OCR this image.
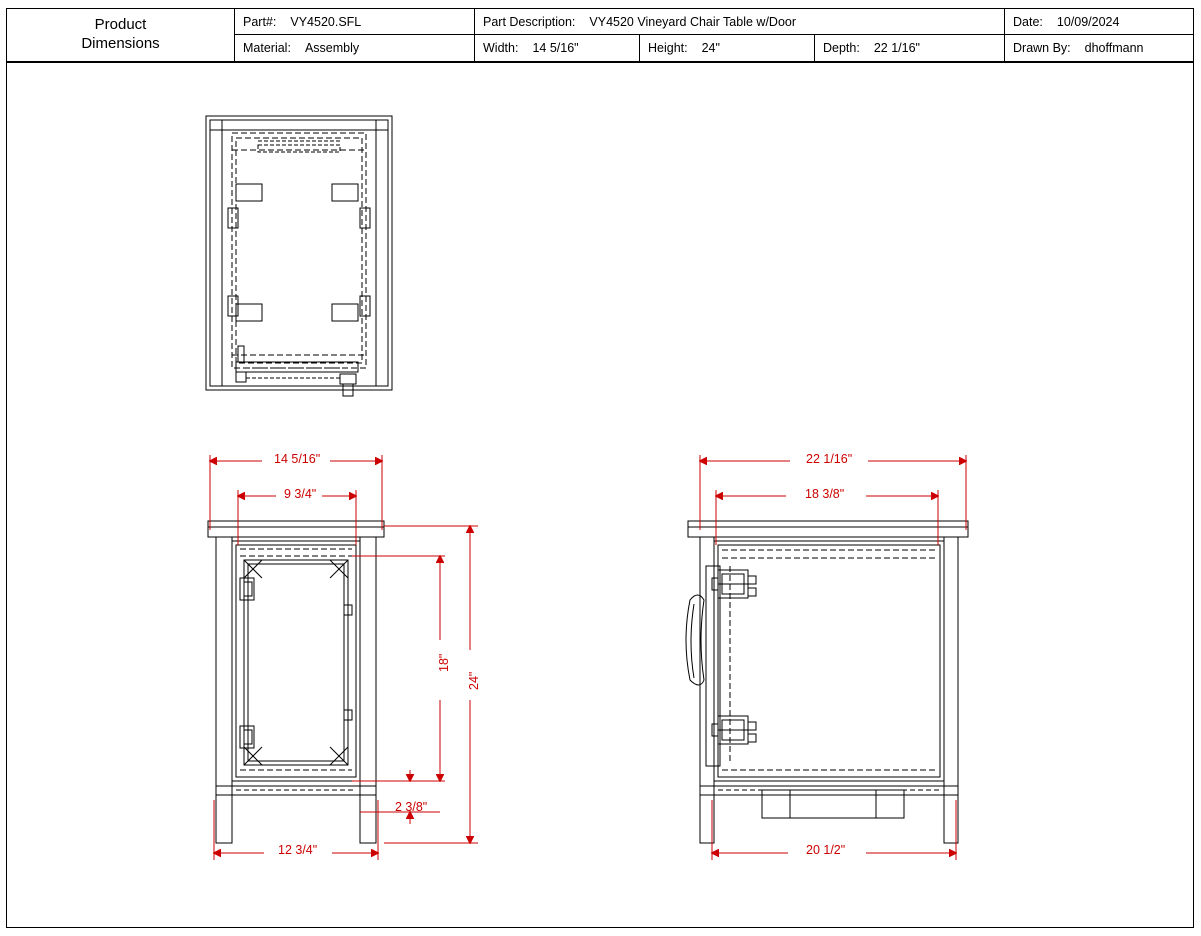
Product
Dimensions
Part#: VY4520.SFL	Part Description: VY4520 Vineyard Chair Table w/Door	Date: 10/09/2024
Material: Assembly	Width: 14 5/16"	Height: 24"	Depth: 22 1/16"	Drawn By: dhoffmann
14 5/16"
9 3/4"
18"
24"
2 3/8"
12 3/4"
22 1/16"
18 3/8"
20 1/2"
